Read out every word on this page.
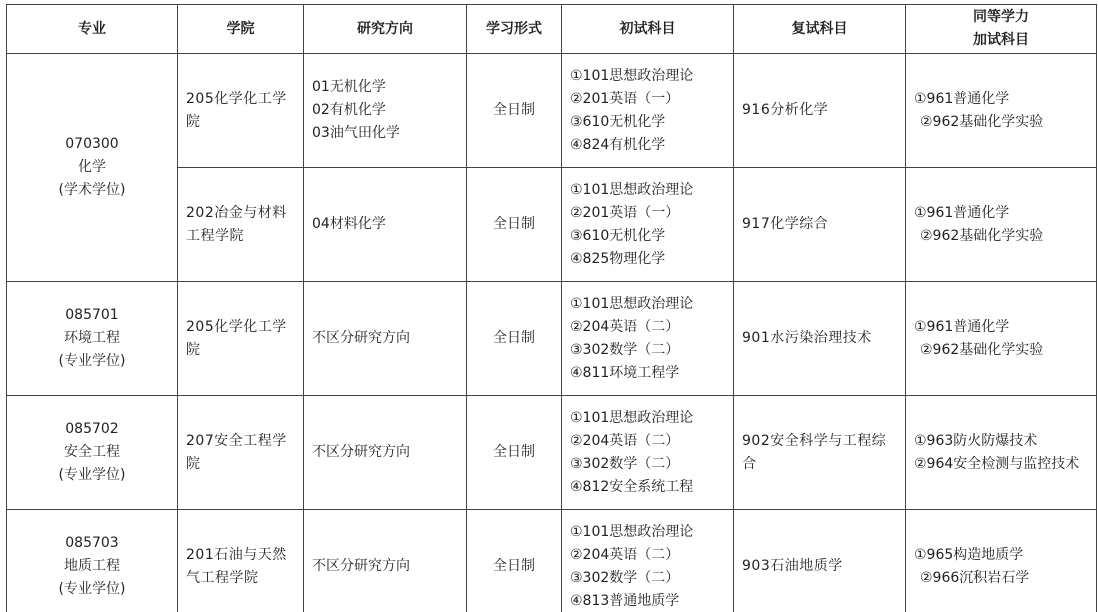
专业	学院	研究方向	学习形式	初试科目	复试科目	同等学力
加试科目

070300
化学
(学术学位)	205化学化工学院	01无机化学
02有机化学
03油气田化学	全日制	①101思想政治理论
②201英语（一）
③610无机化学
④824有机化学	916分析化学	①961普通化学
②962基础化学实验

	202冶金与材料工程学院	04材料化学	全日制	①101思想政治理论
②201英语（一）
③610无机化学
④825物理化学	917化学综合	①961普通化学
②962基础化学实验

085701
环境工程
(专业学位)	205化学化工学院	不区分研究方向	全日制	①101思想政治理论
②204英语（二）
③302数学（二）
④811环境工程学	901水污染治理技术	①961普通化学
②962基础化学实验

085702
安全工程
(专业学位)	207安全工程学院	不区分研究方向	全日制	①101思想政治理论
②204英语（二）
③302数学（二）
④812安全系统工程	902安全科学与工程综合	①963防火防爆技术
②964安全检测与监控技术

085703
地质工程
(专业学位)	201石油与天然气工程学院	不区分研究方向	全日制	①101思想政治理论
②204英语（二）
③302数学（二）
④813普通地质学	903石油地质学	①965构造地质学
②966沉积岩石学
